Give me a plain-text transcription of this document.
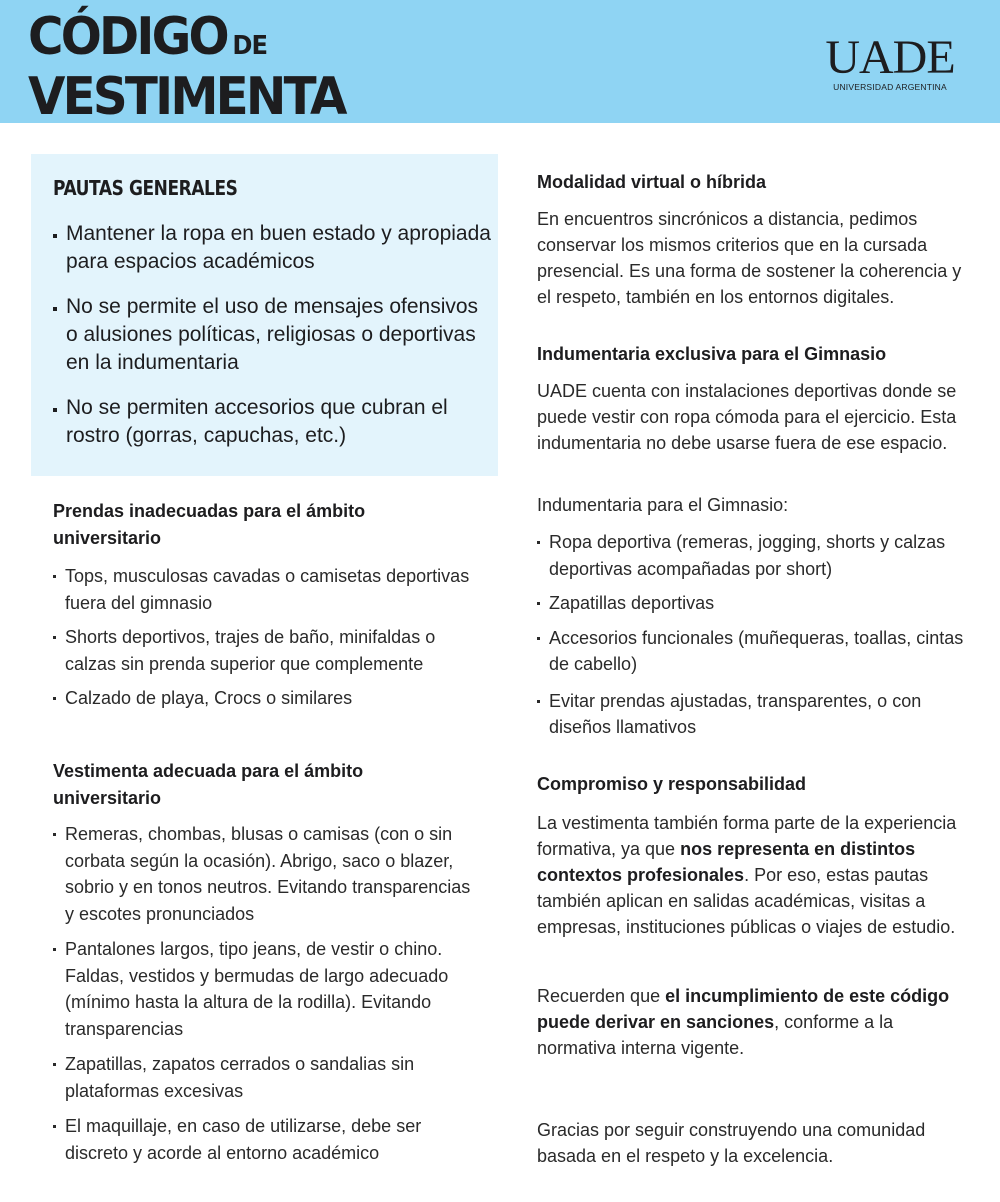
CÓDIGO DE
VESTIMENTA
UADE
UNIVERSIDAD ARGENTINA
PAUTAS GENERALES
Mantener la ropa en buen estado y apropiada para espacios académicos
No se permite el uso de mensajes ofensivos o alusiones políticas, religiosas o deportivas en la indumentaria
No se permiten accesorios que cubran el rostro (gorras, capuchas, etc.)
Prendas inadecuadas para el ámbito universitario
Tops, musculosas cavadas o camisetas deportivas fuera del gimnasio
Shorts deportivos, trajes de baño, minifaldas o calzas sin prenda superior que complemente
Calzado de playa, Crocs o similares
Vestimenta adecuada para el ámbito universitario
Remeras, chombas, blusas o camisas (con o sin corbata según la ocasión). Abrigo, saco o blazer, sobrio y en tonos neutros. Evitando transparencias y escotes pronunciados
Pantalones largos, tipo jeans, de vestir o chino. Faldas, vestidos y bermudas de largo adecuado (mínimo hasta la altura de la rodilla). Evitando transparencias
Zapatillas, zapatos cerrados o sandalias sin plataformas excesivas
El maquillaje, en caso de utilizarse, debe ser discreto y acorde al entorno académico
Modalidad virtual o híbrida

En encuentros sincrónicos a distancia, pedimos conservar los mismos criterios que en la cursada presencial. Es una forma de sostener la coherencia y el respeto, también en los entornos digitales.

Indumentaria exclusiva para el Gimnasio

UADE cuenta con instalaciones deportivas donde se puede vestir con ropa cómoda para el ejercicio. Esta indumentaria no debe usarse fuera de ese espacio.

Indumentaria para el Gimnasio:

Ropa deportiva (remeras, jogging, shorts y calzas deportivas acompañadas por short)
Zapatillas deportivas
Accesorios funcionales (muñequeras, toallas, cintas de cabello)
Evitar prendas ajustadas, transparentes, o con diseños llamativos
Compromiso y responsabilidad

La vestimenta también forma parte de la experiencia formativa, ya que nos representa en distintos contextos profesionales. Por eso, estas pautas también aplican en salidas académicas, visitas a empresas, instituciones públicas o viajes de estudio.

Recuerden que el incumplimiento de este código puede derivar en sanciones, conforme a la normativa interna vigente.

Gracias por seguir construyendo una comunidad basada en el respeto y la excelencia.
